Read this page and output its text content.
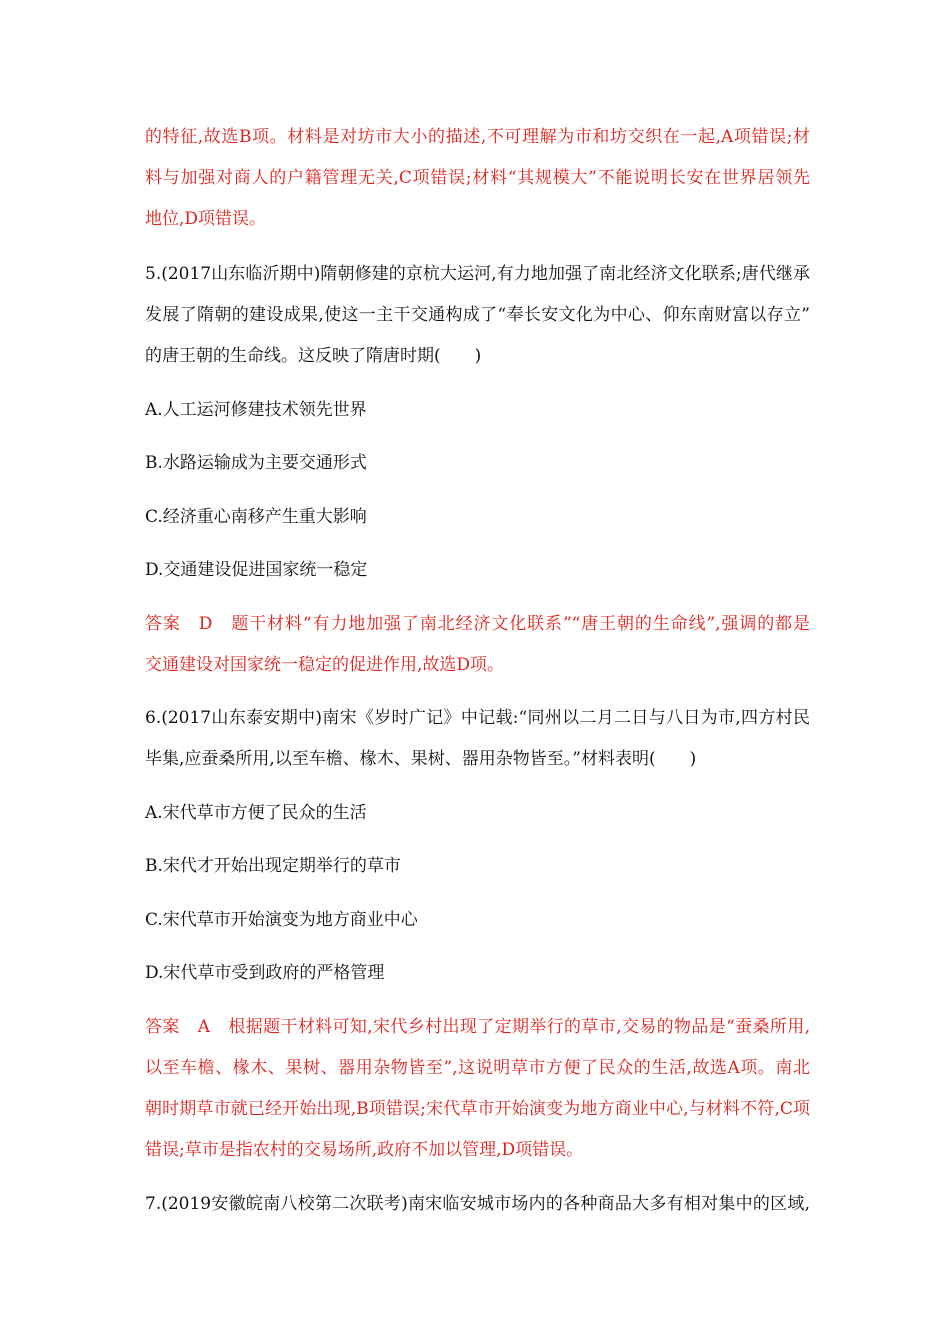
的特征,故选B项。材料是对坊市大小的描述,不可理解为市和坊交织在一起,A项错误;材
料与加强对商人的户籍管理无关,C项错误;材料“其规模大”不能说明长安在世界居领先
地位,D项错误。
5.(2017山东临沂期中)隋朝修建的京杭大运河,有力地加强了南北经济文化联系;唐代继承
发展了隋朝的建设成果,使这一主干交通构成了“奉长安文化为中心、仰东南财富以存立”
的唐王朝的生命线。这反映了隋唐时期(　　)
A.人工运河修建技术领先世界
B.水路运输成为主要交通形式
C.经济重心南移产生重大影响
D.交通建设促进国家统一稳定
答案 D 题干材料“有力地加强了南北经济文化联系”“唐王朝的生命线”,强调的都是
交通建设对国家统一稳定的促进作用,故选D项。
6.(2017山东泰安期中)南宋《岁时广记》中记载:“同州以二月二日与八日为市,四方村民
毕集,应蚕桑所用,以至车檐、椽木、果树、器用杂物皆至。”材料表明(　　)
A.宋代草市方便了民众的生活
B.宋代才开始出现定期举行的草市
C.宋代草市开始演变为地方商业中心
D.宋代草市受到政府的严格管理
答案 A 根据题干材料可知,宋代乡村出现了定期举行的草市,交易的物品是“蚕桑所用,
以至车檐、椽木、果树、器用杂物皆至”,这说明草市方便了民众的生活,故选A项。南北
朝时期草市就已经开始出现,B项错误;宋代草市开始演变为地方商业中心,与材料不符,C项
错误;草市是指农村的交易场所,政府不加以管理,D项错误。
7.(2019安徽皖南八校第二次联考)南宋临安城市场内的各种商品大多有相对集中的区域,
